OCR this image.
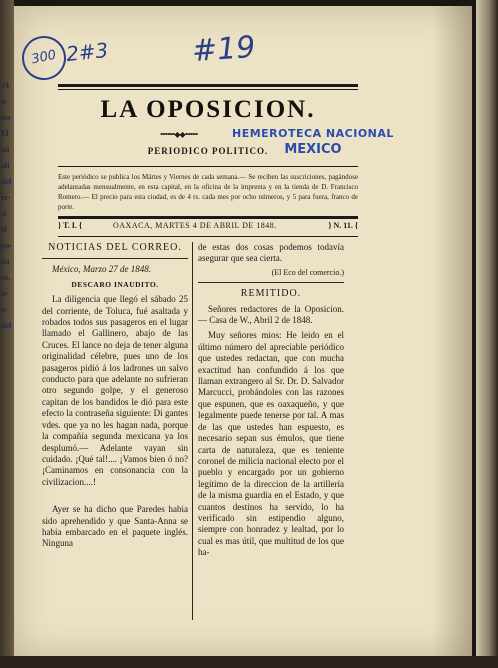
24
ie
tos
El
nó
ali
del
er-
si
el
po-
ña
os,
ie-
n-
del
300 2#3	#19
LA OPOSICION.
••••••••◆◆•••••••	HEMEROTECA NACIONAL
MEXICO
PERIODICO POLITICO.
Este periódico se publica los Mártes y Viernes de cada semana.— Se reciben las suscriciones, pagándose adelantadas mensualmente, en esta capital, en la oficina de la imprenta y en la tienda de D. Francisco Romero.— El precio para esta ciudad, es de 4 rs. cada mes por ocho números, y 5 para fuera, franco de porte.
} T. I. {	OAXACA, MARTES 4 DE ABRIL DE 1848.	} N. 11. {
NOTICIAS DEL CORREO.
México, Marzo 27 de 1848.
DESCARO INAUDITO.
La diligencia que llegó el sábado 25 del corriente, de Toluca, fué asaltada y robados todos sus pasageros en el lugar llamado el Gallinero, abajo de las Cruces. El lance no deja de tener alguna originalidad célebre, pues uno de los pasageros pidió á los ladrones un salvo conducto para que adelante no sufrieran otro segundo golpe, y el generoso capitan de los bandidos le dió para este efecto la contraseña siguiente: Di gantes vdes. que ya no les hagan nada, porque la compañía segunda mexicana ya los desplumó.— Adelante vayan sin cuidado. ¡Qué tal!.... ¡Vamos bien ó no? ¡Caminamos en consonancia con la civilizacion....!
Ayer se ha dicho que Paredes habia sido aprehendido y que Santa-Anna se habia embarcado en el paquete inglés. Ninguna
de estas dos cosas podemos todavía asegurar que sea cierta.
(El Eco del comercio.)
REMITIDO.
Señores redactores de la Oposicion.— Casa de W., Abril 2 de 1848.
Muy señores mios: He leido en el último número del apreciable periódico que ustedes redactan, que con mucha exactitud han confundido á los que llaman extrangero al Sr. Dr. D. Salvador Marcucci, probándoles con las razones que espunen, que es oaxaqueño, y que legalmente puede tenerse por tal. A mas de las que ustedes han espuesto, es necesario sepan sus émulos, que tiene carta de naturaleza, que es teniente coronel de milicia nacional electo por el pueblo y encargado por un gobierno legítimo de la direccion de la artillería de la misma guardia en el Estado, y que cuantos destinos ha servido, lo ha verificado sin estipendio alguno, siempre con honradez y lealtad, por lo cual es mas útil, que multitud de los que ha-
